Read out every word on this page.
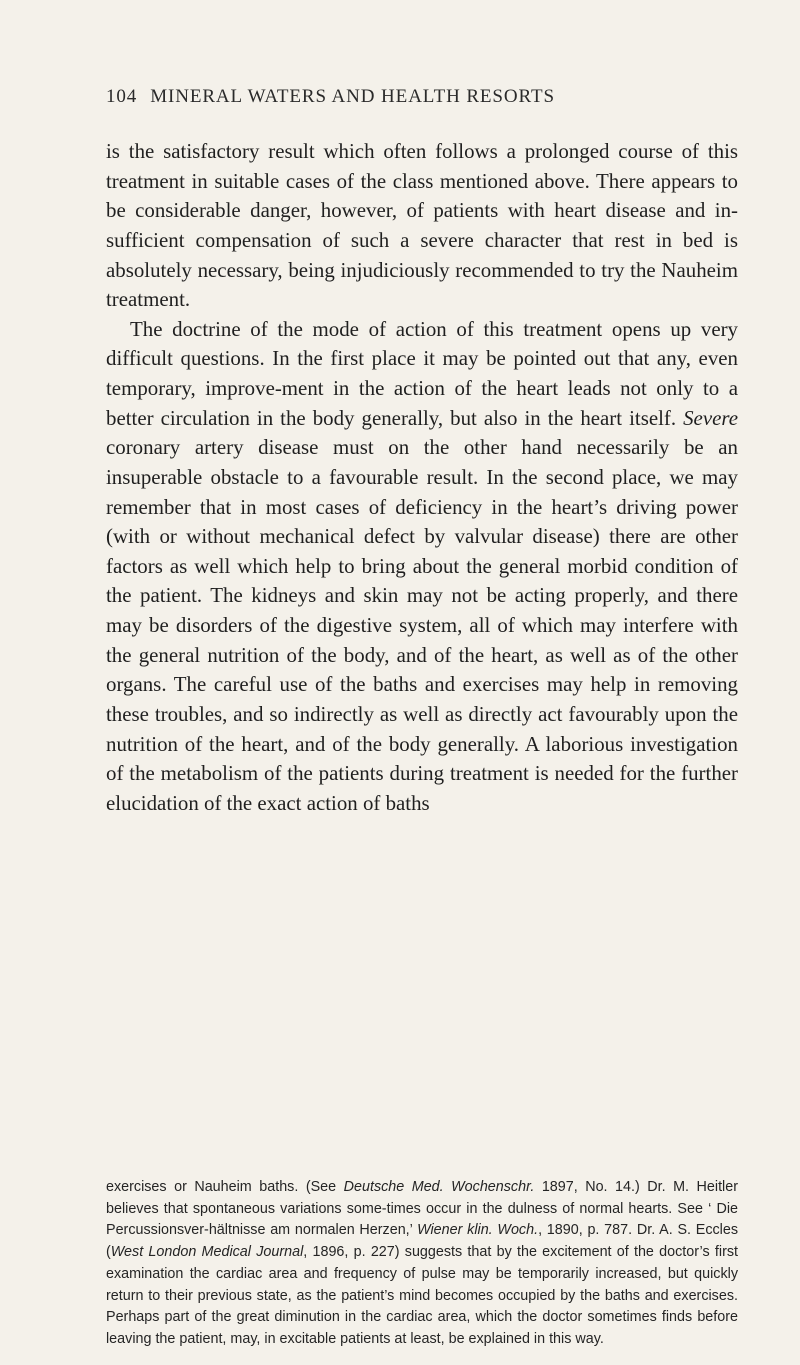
104 MINERAL WATERS AND HEALTH RESORTS

is the satisfactory result which often follows a prolonged course of this treatment in suitable cases of the class mentioned above. There appears to be considerable danger, however, of patients with heart disease and in-sufficient compensation of such a severe character that rest in bed is absolutely necessary, being injudiciously recommended to try the Nauheim treatment.

The doctrine of the mode of action of this treatment opens up very difficult questions. In the first place it may be pointed out that any, even temporary, improve-ment in the action of the heart leads not only to a better circulation in the body generally, but also in the heart itself. Severe coronary artery disease must on the other hand necessarily be an insuperable obstacle to a favourable result. In the second place, we may remember that in most cases of deficiency in the heart’s driving power (with or without mechanical defect by valvular disease) there are other factors as well which help to bring about the general morbid condition of the patient. The kidneys and skin may not be acting properly, and there may be disorders of the digestive system, all of which may interfere with the general nutrition of the body, and of the heart, as well as of the other organs. The careful use of the baths and exercises may help in removing these troubles, and so indirectly as well as directly act favourably upon the nutrition of the heart, and of the body generally. A laborious investigation of the metabolism of the patients during treatment is needed for the further elucidation of the exact action of baths

exercises or Nauheim baths. (See Deutsche Med. Wochenschr. 1897, No. 14.) Dr. M. Heitler believes that spontaneous variations some-times occur in the dulness of normal hearts. See ‘ Die Percussionsver-hältnisse am normalen Herzen,’ Wiener klin. Woch., 1890, p. 787. Dr. A. S. Eccles (West London Medical Journal, 1896, p. 227) suggests that by the excitement of the doctor’s first examination the cardiac area and frequency of pulse may be temporarily increased, but quickly return to their previous state, as the patient’s mind becomes occupied by the baths and exercises. Perhaps part of the great diminution in the cardiac area, which the doctor sometimes finds before leaving the patient, may, in excitable patients at least, be explained in this way.
